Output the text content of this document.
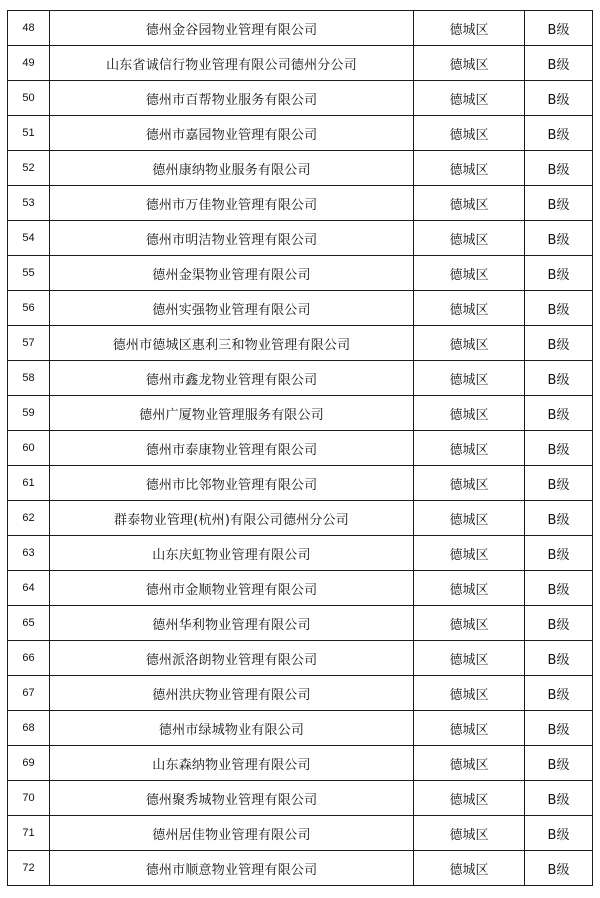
48	德州金谷园物业管理有限公司	德城区	B级
49	山东省诚信行物业管理有限公司德州分公司	德城区	B级
50	德州市百帮物业服务有限公司	德城区	B级
51	德州市嘉园物业管理有限公司	德城区	B级
52	德州康纳物业服务有限公司	德城区	B级
53	德州市万佳物业管理有限公司	德城区	B级
54	德州市明洁物业管理有限公司	德城区	B级
55	德州金渠物业管理有限公司	德城区	B级
56	德州实强物业管理有限公司	德城区	B级
57	德州市德城区惠利三和物业管理有限公司	德城区	B级
58	德州市鑫龙物业管理有限公司	德城区	B级
59	德州广厦物业管理服务有限公司	德城区	B级
60	德州市泰康物业管理有限公司	德城区	B级
61	德州市比邻物业管理有限公司	德城区	B级
62	群泰物业管理(杭州)有限公司德州分公司	德城区	B级
63	山东庆虹物业管理有限公司	德城区	B级
64	德州市金顺物业管理有限公司	德城区	B级
65	德州华利物业管理有限公司	德城区	B级
66	德州派洛朗物业管理有限公司	德城区	B级
67	德州洪庆物业管理有限公司	德城区	B级
68	德州市绿城物业有限公司	德城区	B级
69	山东森纳物业管理有限公司	德城区	B级
70	德州聚秀城物业管理有限公司	德城区	B级
71	德州居佳物业管理有限公司	德城区	B级
72	德州市顺意物业管理有限公司	德城区	B级
